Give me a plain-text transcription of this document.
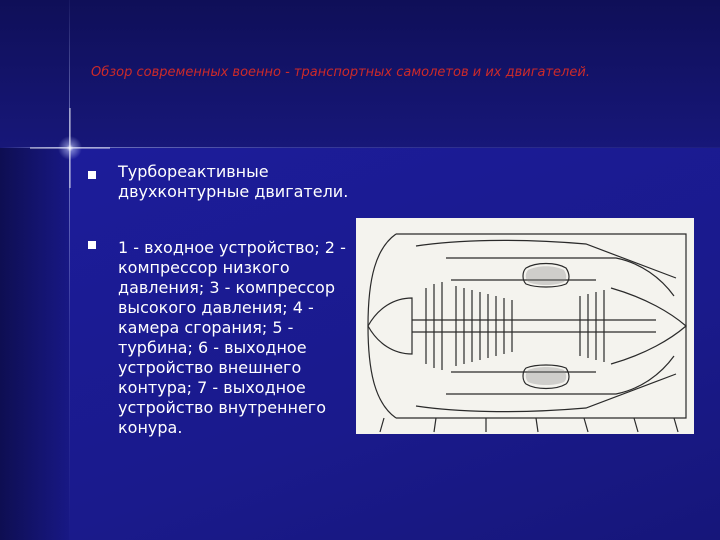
Обзор современных военно - транспортных самолетов и их двигателей.
Турбореактивные двухконтурные двигатели.
1 - входное устройство; 2 - компрессор низкого давления; 3 - компрессор высокого давления; 4 - камера сгорания; 5 - турбина; 6 - выходное устройство внешнего контура; 7 - выходное устройство внутреннего конура.
